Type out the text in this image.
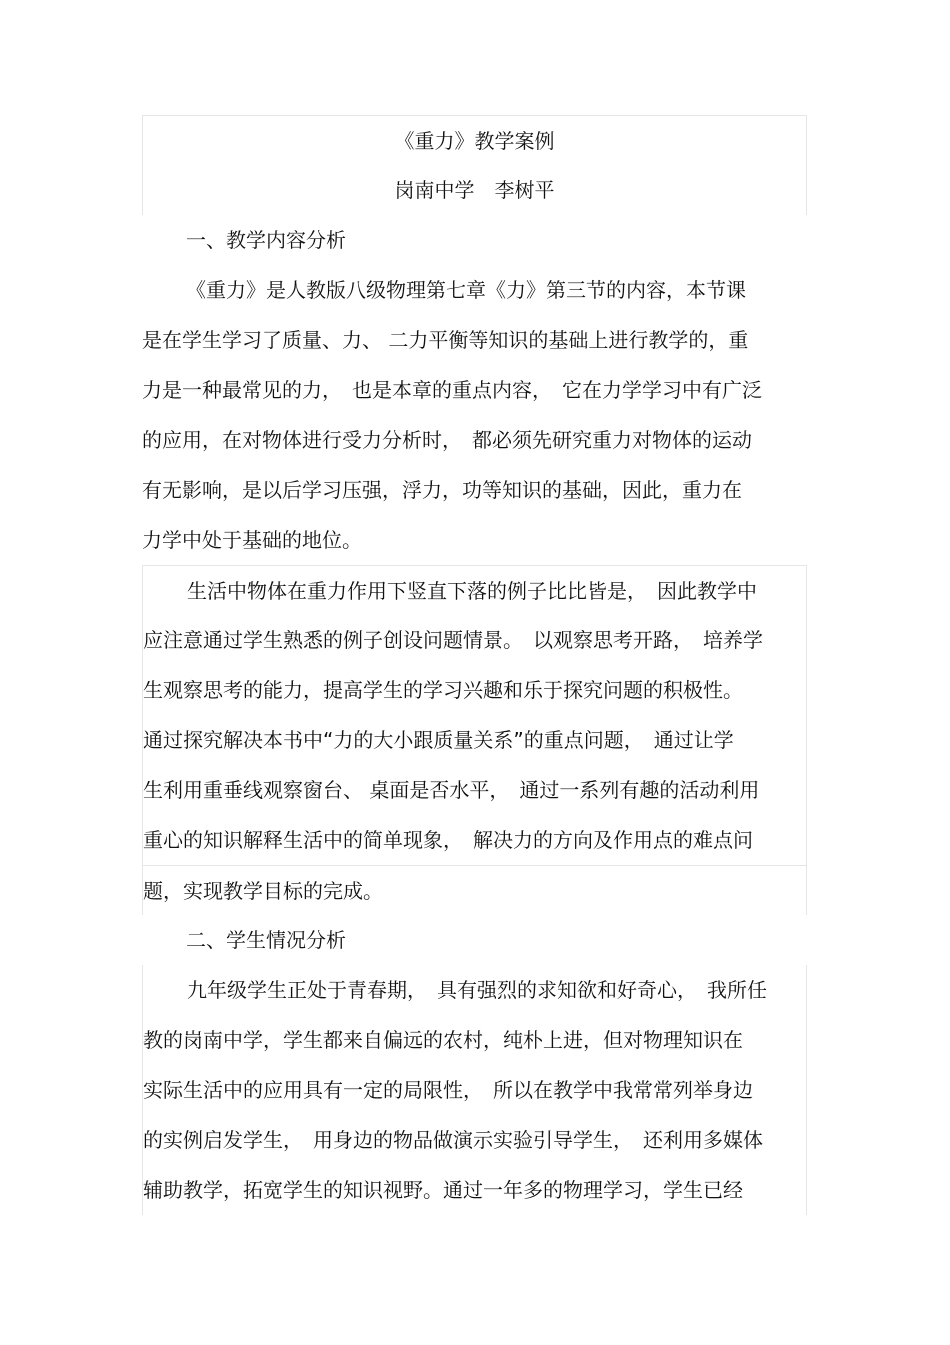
《重力》教学案例
岗南中学　李树平
一、教学内容分析
《重力》是人教版八级物理第七章《力》第三节的内容，本节课
是在学生学习了质量、力、 二力平衡等知识的基础上进行教学的，重
力是一种最常见的力，　也是本章的重点内容，　它在力学学习中有广泛
的应用，在对物体进行受力分析时，　都必须先研究重力对物体的运动
有无影响，是以后学习压强，浮力，功等知识的基础，因此，重力在
力学中处于基础的地位。
生活中物体在重力作用下竖直下落的例子比比皆是，　因此教学中
应注意通过学生熟悉的例子创设问题情景。　以观察思考开路，　培养学
生观察思考的能力，提高学生的学习兴趣和乐于探究问题的积极性。
通过探究解决本书中“力的大小跟质量关系”的重点问题，　通过让学
生利用重垂线观察窗台、 桌面是否水平，　通过一系列有趣的活动利用
重心的知识解释生活中的简单现象，　解决力的方向及作用点的难点问
题，实现教学目标的完成。
二、学生情况分析
九年级学生正处于青春期，　具有强烈的求知欲和好奇心，　我所任
教的岗南中学，学生都来自偏远的农村，纯朴上进，但对物理知识在
实际生活中的应用具有一定的局限性，　所以在教学中我常常列举身边
的实例启发学生，　用身边的物品做演示实验引导学生，　还利用多媒体
辅助教学，拓宽学生的知识视野。通过一年多的物理学习，学生已经
